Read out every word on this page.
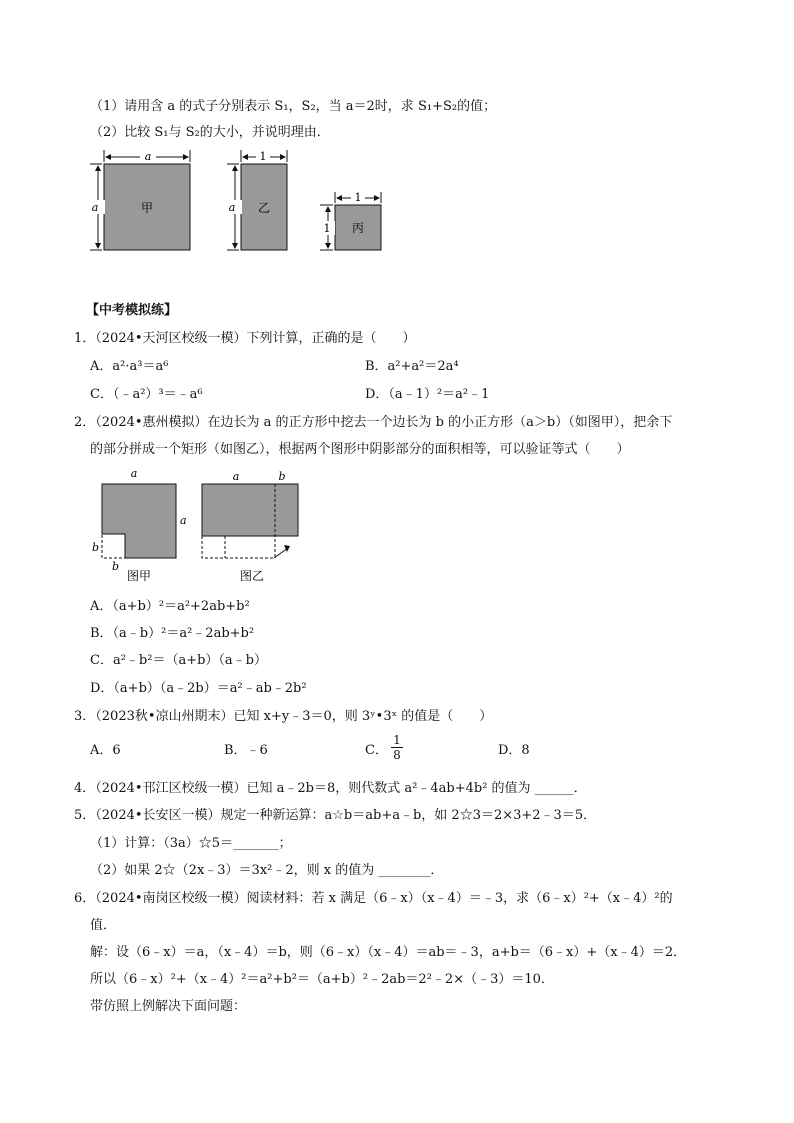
（1）请用含 a 的式子分别表示 S₁，S₂，当 a＝2时，求 S₁+S₂的值；
（2）比较 S₁与 S₂的大小，并说明理由．
a
a	甲
1
a 乙
1
1 丙
【中考模拟练】
1．（2024•天河区校级一模）下列计算，正确的是（　　）
A．a²·a³＝a⁶	B．a²+a²＝2a⁴
C．（﹣a²）³＝﹣a⁶	D．（a﹣1）²＝a²﹣1
2．（2024•惠州模拟）在边长为 a 的正方形中挖去一个边长为 b 的小正方形（a＞b）（如图甲），把余下
的部分拼成一个矩形（如图乙），根据两个图形中阴影部分的面积相等，可以验证等式（　　）
a
a
b
b
图甲
a	b
图乙
A．（a+b）²＝a²+2ab+b²
B．（a﹣b）²＝a²﹣2ab+b²
C．a²﹣b²＝（a+b）（a﹣b）
D．（a+b）（a﹣2b）＝a²﹣ab﹣2b²
3．（2023秋•凉山州期末）已知 x+y﹣3＝0，则 3ʸ•3ˣ 的值是（　　）
A．6	B．﹣6	C． $\frac{1}{8}$	D．8
4．（2024•邗江区校级一模）已知 a﹣2b＝8，则代数式 a²﹣4ab+4b² 的值为 ______．
5．（2024•长安区一模）规定一种新运算：a☆b＝ab+a﹣b，如 2☆3＝2×3+2﹣3＝5．
（1）计算：（3a）☆5＝_______；
（2）如果 2☆（2x﹣3）＝3x²﹣2，则 x 的值为 ________．
6．（2024•南岗区校级一模）阅读材料：若 x 满足（6﹣x）（x﹣4）＝﹣3，求（6﹣x）²+（x﹣4）²的
值．
解：设（6﹣x）＝a，（x﹣4）＝b，则（6﹣x）（x﹣4）＝ab＝﹣3，a+b＝（6﹣x）+（x﹣4）＝2．
所以（6﹣x）²+（x﹣4）²＝a²+b²＝（a+b）²﹣2ab＝2²﹣2×（﹣3）＝10．
带仿照上例解决下面问题：
